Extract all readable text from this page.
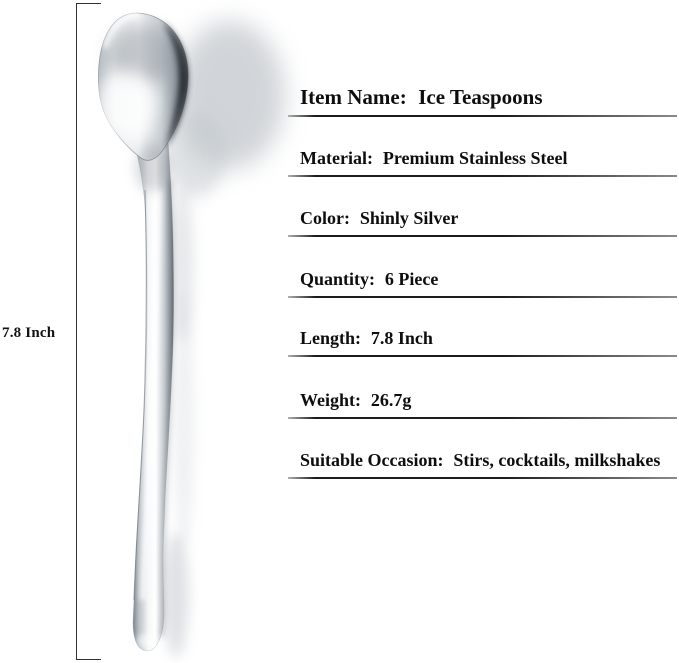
7.8 Inch
Item Name: Ice Teaspoons
Material: Premium Stainless Steel
Color: Shinly Silver
Quantity: 6 Piece
Length: 7.8 Inch
Weight: 26.7g
Suitable Occasion: Stirs, cocktails, milkshakes
